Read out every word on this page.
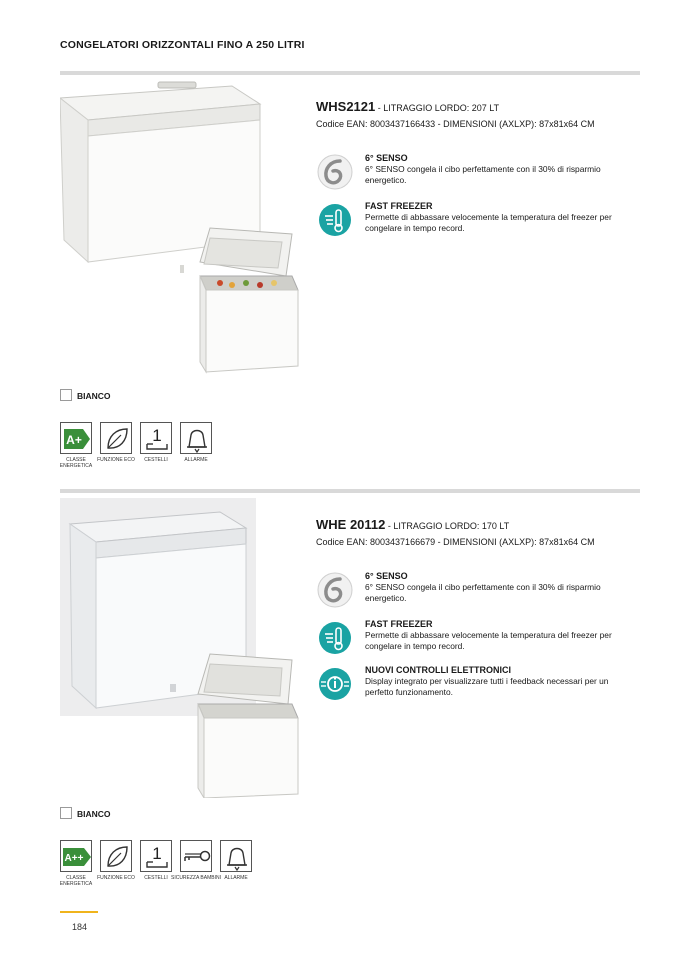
CONGELATORI ORIZZONTALI FINO A 250 LITRI
WHS2121 - LITRAGGIO LORDO: 207 LT
Codice EAN: 8003437166433 - DIMENSIONI (AXLXP): 87x81x64 CM
6° SENSO
6° SENSO congela il cibo perfettamente con il 30% di risparmio energetico.
FAST FREEZER
Permette di abbassare velocemente la temperatura del freezer per congelare in tempo record.
BIANCO
A+
CLASSE ENERGETICA
FUNZIONE ECO
1
CESTELLI	ALLARME
WHE 20112 - LITRAGGIO LORDO: 170 LT
Codice EAN: 8003437166679 - DIMENSIONI (AXLXP): 87x81x64 CM
6° SENSO
6° SENSO congela il cibo perfettamente con il 30% di risparmio energetico.
FAST FREEZER
Permette di abbassare velocemente la temperatura del freezer per congelare in tempo record.
NUOVI CONTROLLI ELETTRONICI
Display integrato per visualizzare tutti i feedback necessari per un perfetto funzionamento.
BIANCO
A++
CLASSE ENERGETICA
FUNZIONE ECO
1
CESTELLI SICUREZZA BAMBINI ALLARME
184
